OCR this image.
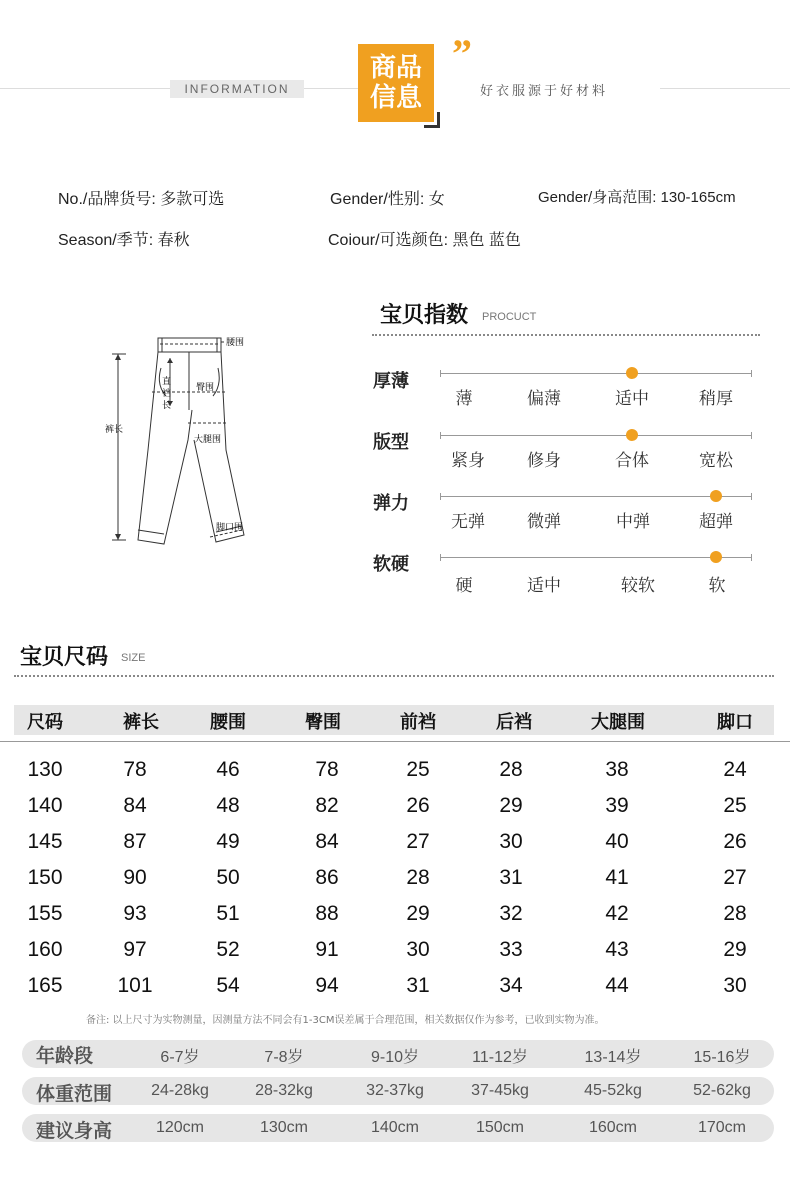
INFORMATION
商品
信息
”
好衣服源于好材料
No./品牌货号: 多款可选	Gender/性别: 女	Gender/身高范围: 130-165cm
Season/季节: 春秋	Coiour/可选颜色: 黑色 蓝色
腰围
臀围
直
裆
长
裤长
大腿围
脚口围
宝贝指数 PROCUCT
厚薄
薄	偏薄	适中	稍厚
版型
紧身	修身	合体	宽松
弹力
无弹	微弹	中弹	超弹
软硬
硬	适中	较软	软
宝贝尺码 SIZE
尺码	裤长	腰围	臀围	前裆	后裆	大腿围	脚口
130	78	46	78	25	28	38	24
140	84	48	82	26	29	39	25
145	87	49	84	27	30	40	26
150	90	50	86	28	31	41	27
155	93	51	88	29	32	42	28
160	97	52	91	30	33	43	29
165	101	54	94	31	34	44	30
备注: 以上尺寸为实物测量，因测量方法不同会有1-3CM误差属于合理范围，相关数据仅作为参考，已收到实物为准。
年龄段	6-7岁	7-8岁	9-10岁	11-12岁	13-14岁	15-16岁
体重范围	24-28kg	28-32kg	32-37kg	37-45kg	45-52kg	52-62kg
建议身高	120cm	130cm	140cm	150cm	160cm	170cm
